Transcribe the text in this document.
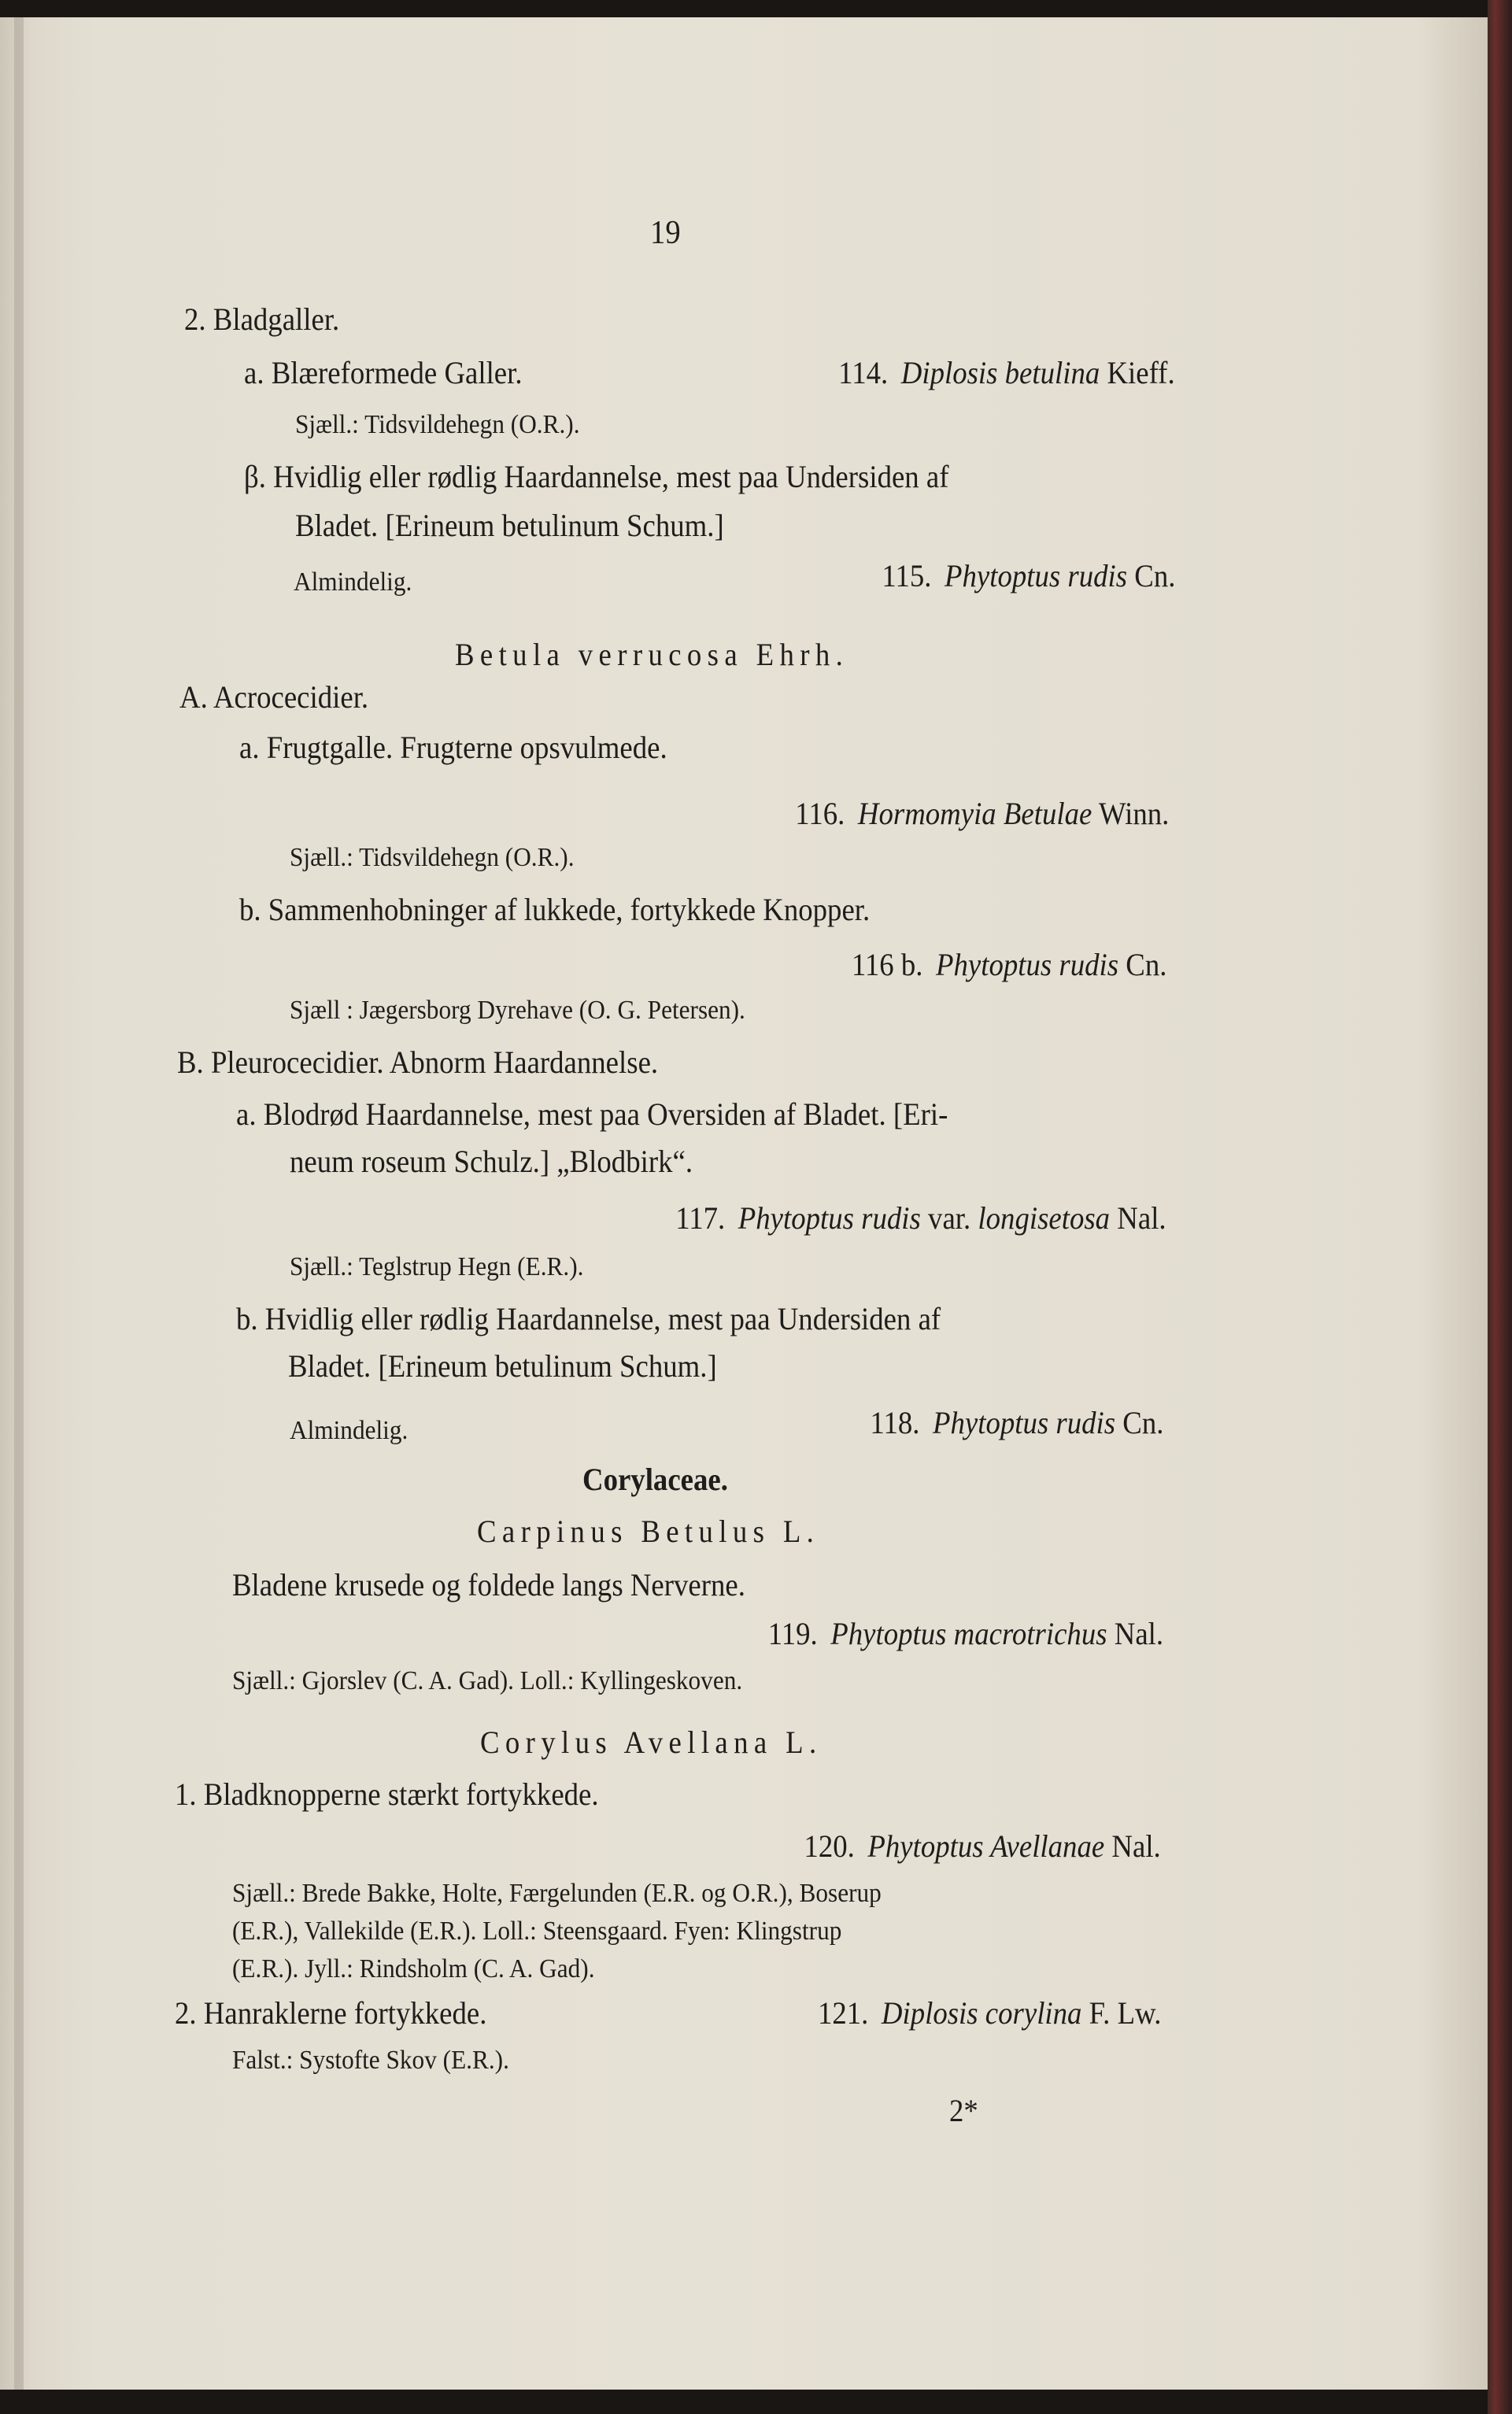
19
2. Bladgaller.
a. Blæreformede Galler.	114. Diplosis betulina Kieff.
Sjæll.: Tidsvildehegn (O.R.).
β. Hvidlig eller rødlig Haardannelse, mest paa Undersiden af
Bladet. [Erineum betulinum Schum.]
Almindelig.	115. Phytoptus rudis Cn.
Betula verrucosa Ehrh.
A. Acrocecidier.
a. Frugtgalle. Frugterne opsvulmede.
116. Hormomyia Betulae Winn.
Sjæll.: Tidsvildehegn (O.R.).
b. Sammenhobninger af lukkede, fortykkede Knopper.
116 b. Phytoptus rudis Cn.
Sjæll : Jægersborg Dyrehave (O. G. Petersen).
B. Pleurocecidier. Abnorm Haardannelse.
a. Blodrød Haardannelse, mest paa Oversiden af Bladet. [Eri-
neum roseum Schulz.] „Blodbirk“.
117. Phytoptus rudis var. longisetosa Nal.
Sjæll.: Teglstrup Hegn (E.R.).
b. Hvidlig eller rødlig Haardannelse, mest paa Undersiden af
Bladet. [Erineum betulinum Schum.]
Almindelig.	118. Phytoptus rudis Cn.
Corylaceae.
Carpinus Betulus L.
Bladene krusede og foldede langs Nerverne.
119. Phytoptus macrotrichus Nal.
Sjæll.: Gjorslev (C. A. Gad). Loll.: Kyllingeskoven.
Corylus Avellana L.
1. Bladknopperne stærkt fortykkede.
120. Phytoptus Avellanae Nal.
Sjæll.: Brede Bakke, Holte, Færgelunden (E.R. og O.R.), Boserup
(E.R.), Vallekilde (E.R.). Loll.: Steensgaard. Fyen: Klingstrup
(E.R.). Jyll.: Rindsholm (C. A. Gad).
2. Hanraklerne fortykkede.	121. Diplosis corylina F. Lw.
Falst.: Systofte Skov (E.R.).
2*
